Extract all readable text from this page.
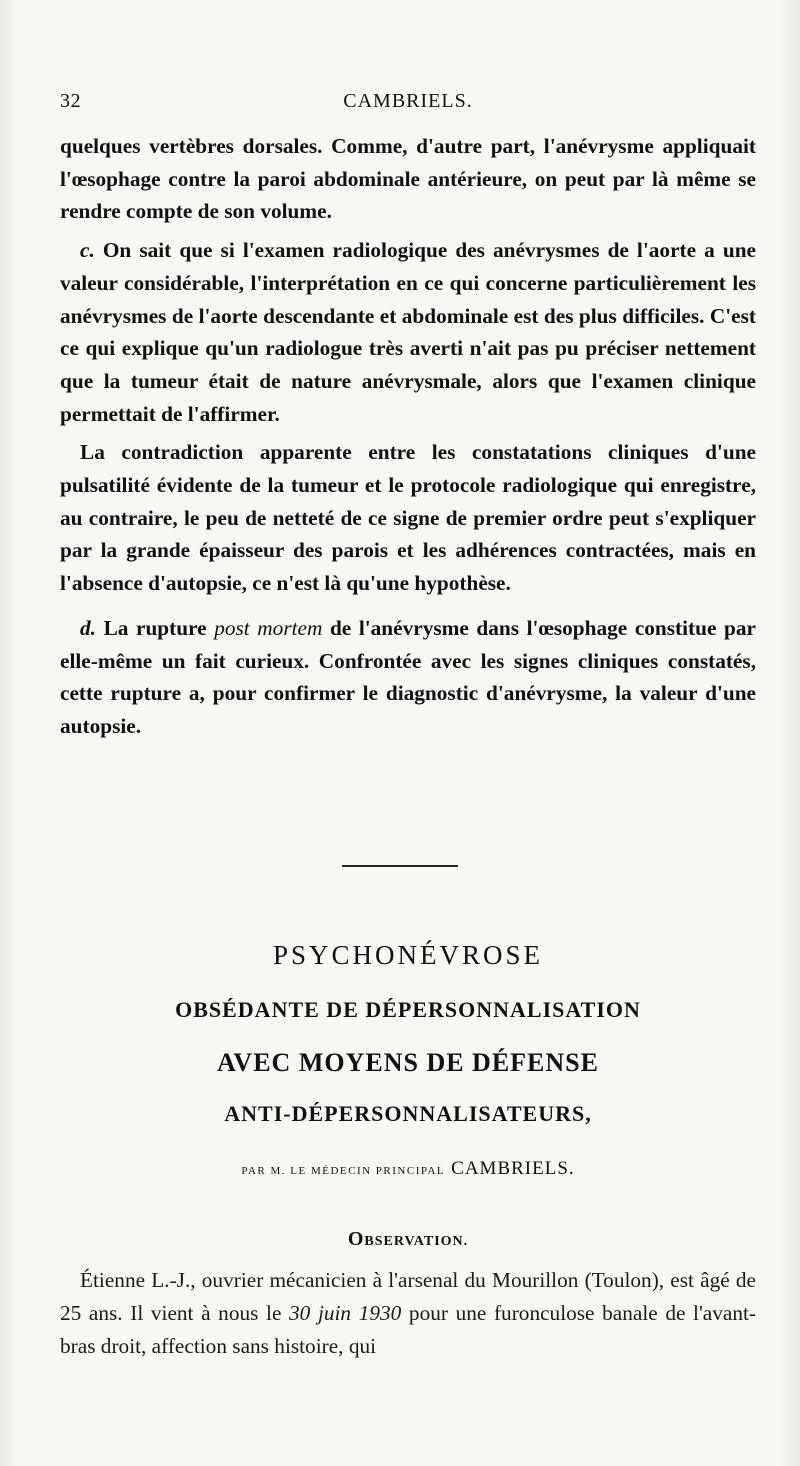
32	CAMBRIELS.

quelques vertèbres dorsales. Comme, d'autre part, l'anévrysme appliquait l'œsophage contre la paroi abdominale antérieure, on peut par là même se rendre compte de son volume.

c. On sait que si l'examen radiologique des anévrysmes de l'aorte a une valeur considérable, l'interprétation en ce qui concerne particulièrement les anévrysmes de l'aorte descendante et abdominale est des plus difficiles. C'est ce qui explique qu'un radiologue très averti n'ait pas pu préciser nettement que la tumeur était de nature anévrysmale, alors que l'examen clinique permettait de l'affirmer.

La contradiction apparente entre les constatations cliniques d'une pulsatilité évidente de la tumeur et le protocole radiologique qui enregistre, au contraire, le peu de netteté de ce signe de premier ordre peut s'expliquer par la grande épaisseur des parois et les adhérences contractées, mais en l'absence d'autopsie, ce n'est là qu'une hypothèse.

d. La rupture post mortem de l'anévrysme dans l'œsophage constitue par elle-même un fait curieux. Confrontée avec les signes cliniques constatés, cette rupture a, pour confirmer le diagnostic d'anévrysme, la valeur d'une autopsie.

PSYCHONÉVROSE
OBSÉDANTE DE DÉPERSONNALISATION
AVEC MOYENS DE DÉFENSE
ANTI-DÉPERSONNALISATEURS,
PAR M. LE MÉDECIN PRINCIPAL CAMBRIELS.
OBSERVATION.
Étienne L.-J., ouvrier mécanicien à l'arsenal du Mourillon (Toulon), est âgé de 25 ans. Il vient à nous le 30 juin 1930 pour une furonculose banale de l'avant-bras droit, affection sans histoire, qui
